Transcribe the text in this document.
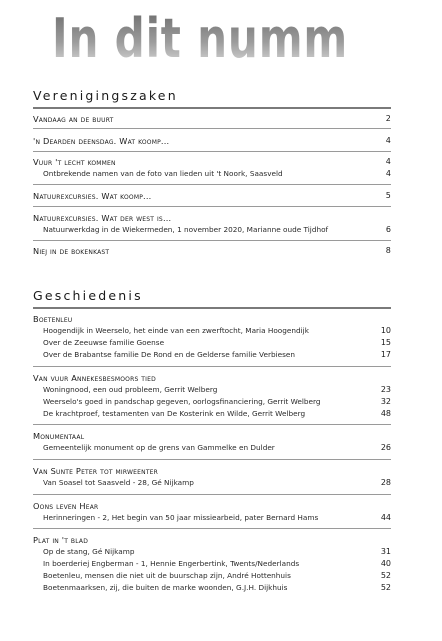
In dit nummer:
Verenigingszaken
Vandaag an de buurt	2
'n Dearden deensdag. Wat koomp...	4
Vuur 't lecht kommen	4
Ontbrekende namen van de foto van lieden uit 't Noork, Saasveld	4
Natuurexcursies. Wat koomp...	5
Natuurexcursies. Wat der west is...
Natuurwerkdag in de Wiekermeden, 1 november 2020, Marianne oude Tijdhof	6
Niej in de bokenkast	8
Geschiedenis
Boetenleu
Hoogendijk in Weerselo, het einde van een zwerftocht, Maria Hoogendijk	10
Over de Zeeuwse familie Goense	15
Over de Brabantse familie De Rond en de Gelderse familie Verbiesen	17
Van vuur Annekesbesmoors tied
Woningnood, een oud probleem, Gerrit Welberg	23
Weerselo's goed in pandschap gegeven, oorlogsfinanciering, Gerrit Welberg	32
De krachtproef, testamenten van De Kosterink en Wilde, Gerrit Welberg	48
Monumentaal
Gemeentelijk monument op de grens van Gammelke en Dulder	26
Van Sunte Peter tot mirweenter
Van Soasel tot Saasveld - 28, Gé Nijkamp	28
Oons leven Hear
Herinneringen - 2, Het begin van 50 jaar missiearbeid, pater Bernard Hams	44
Plat in 't blad
Op de stang, Gé Nijkamp	31
In boerderiej Engberman - 1, Hennie Engerbertink, Twents/Nederlands	40
Boetenleu, mensen die niet uit de buurschap zijn, André Hottenhuis	52
Boetenmaarksen, zij, die buiten de marke woonden, G.J.H. Dijkhuis	52
